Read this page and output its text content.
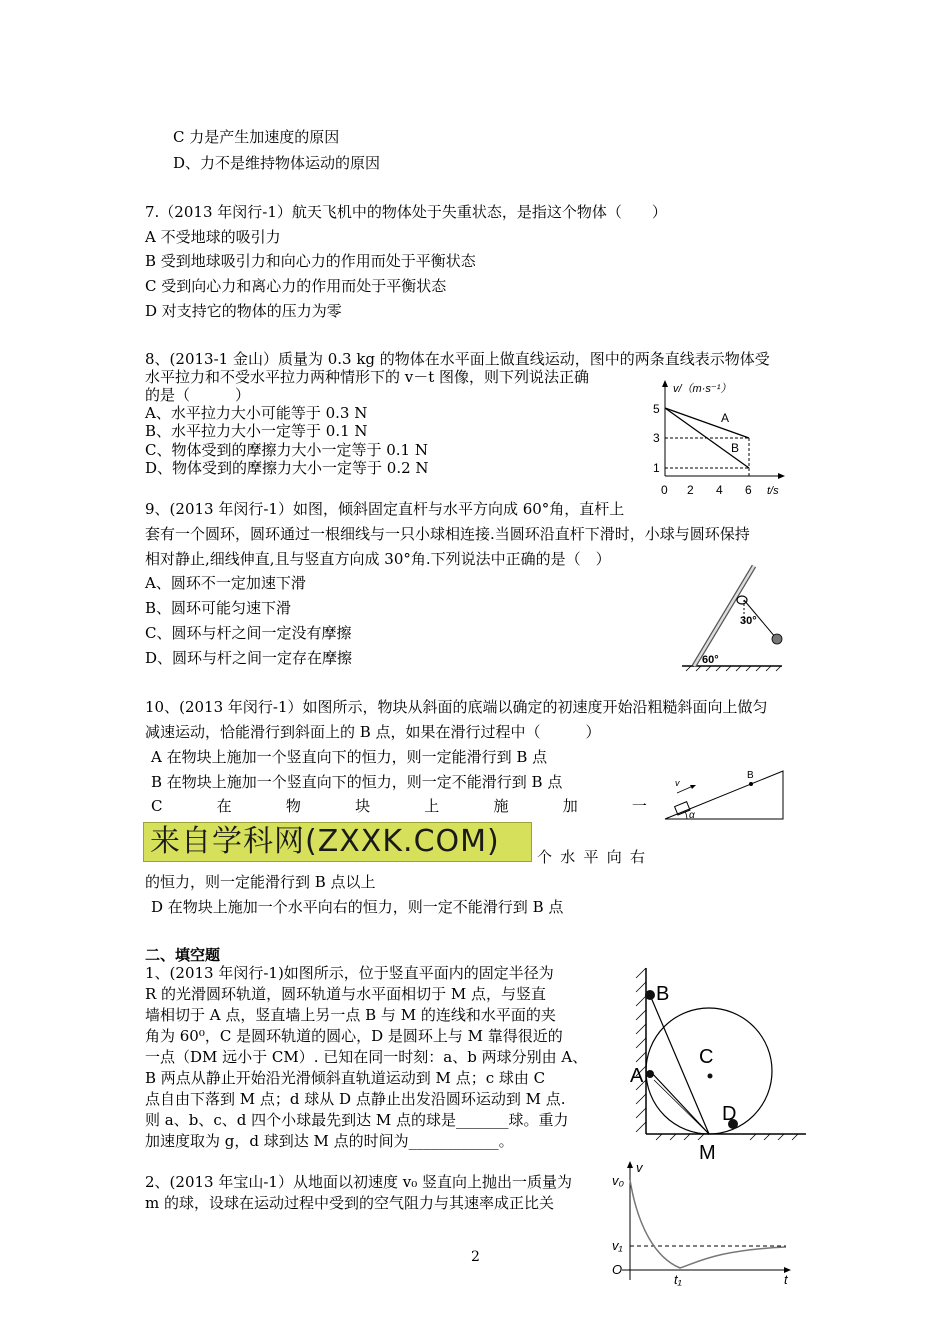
C 力是产生加速度的原因
D、力不是维持物体运动的原因
7.（2013 年闵行-1）航天飞机中的物体处于失重状态，是指这个物体（　　）
A 不受地球的吸引力
B 受到地球吸引力和向心力的作用而处于平衡状态
C 受到向心力和离心力的作用而处于平衡状态
D 对支持它的物体的压力为零
8、(2013-1 金山）质量为 0.3 kg 的物体在水平面上做直线运动，图中的两条直线表示物体受
水平拉力和不受水平拉力两种情形下的 v－t 图像，则下列说法正确
的是（　　　）
A、水平拉力大小可能等于 0.3 N
B、水平拉力大小一定等于 0.1 N
C、物体受到的摩擦力大小一定等于 0.1 N
D、物体受到的摩擦力大小一定等于 0.2 N
v/（m·s⁻¹）
5
3
1
0 2 4 6 t/s
A
B
9、(2013 年闵行-1）如图，倾斜固定直杆与水平方向成 60°角，直杆上
套有一个圆环，圆环通过一根细线与一只小球相连接.当圆环沿直杆下滑时，小球与圆环保持
相对静止,细线伸直,且与竖直方向成 30°角.下列说法中正确的是（　）
A、圆环不一定加速下滑
B、圆环可能匀速下滑
C、圆环与杆之间一定没有摩擦
D、圆环与杆之间一定存在摩擦
30°
60°
10、(2013 年闵行-1）如图所示，物块从斜面的底端以确定的初速度开始沿粗糙斜面向上做匀
减速运动，恰能滑行到斜面上的 B 点，如果在滑行过程中（　　　）
A 在物块上施加一个竖直向下的恒力，则一定能滑行到 B 点
B 在物块上施加一个竖直向下的恒力，则一定不能滑行到 B 点
C	在	物	块	上	施	加	一
个 水 平 向 右
的恒力，则一定能滑行到 B 点以上
D 在物块上施加一个水平向右的恒力，则一定不能滑行到 B 点
v
B
α
来自学科网(ZXXK.COM)
二、填空题
1、(2013 年闵行-1)如图所示，位于竖直平面内的固定半径为
R 的光滑圆环轨道，圆环轨道与水平面相切于 M 点，与竖直
墙相切于 A 点，竖直墙上另一点 B 与 M 的连线和水平面的夹
角为 60⁰，C 是圆环轨道的圆心，D 是圆环上与 M 靠得很近的
一点（DM 远小于 CM）. 已知在同一时刻：a、b 两球分别由 A、
B 两点从静止开始沿光滑倾斜直轨道运动到 M 点；c 球由 C
点自由下落到 M 点；d 球从 D 点静止出发沿圆环运动到 M 点.
则 a、b、c、d 四个小球最先到达 M 点的球是_______球。重力
加速度取为 g，d 球到达 M 点的时间为____________。
B
A
C
D
M
2、(2013 年宝山-1）从地面以初速度 v₀ 竖直向上抛出一质量为
m 的球，设球在运动过程中受到的空气阻力与其速率成正比关
v
v₀
v₁
O
t₁	t
2
